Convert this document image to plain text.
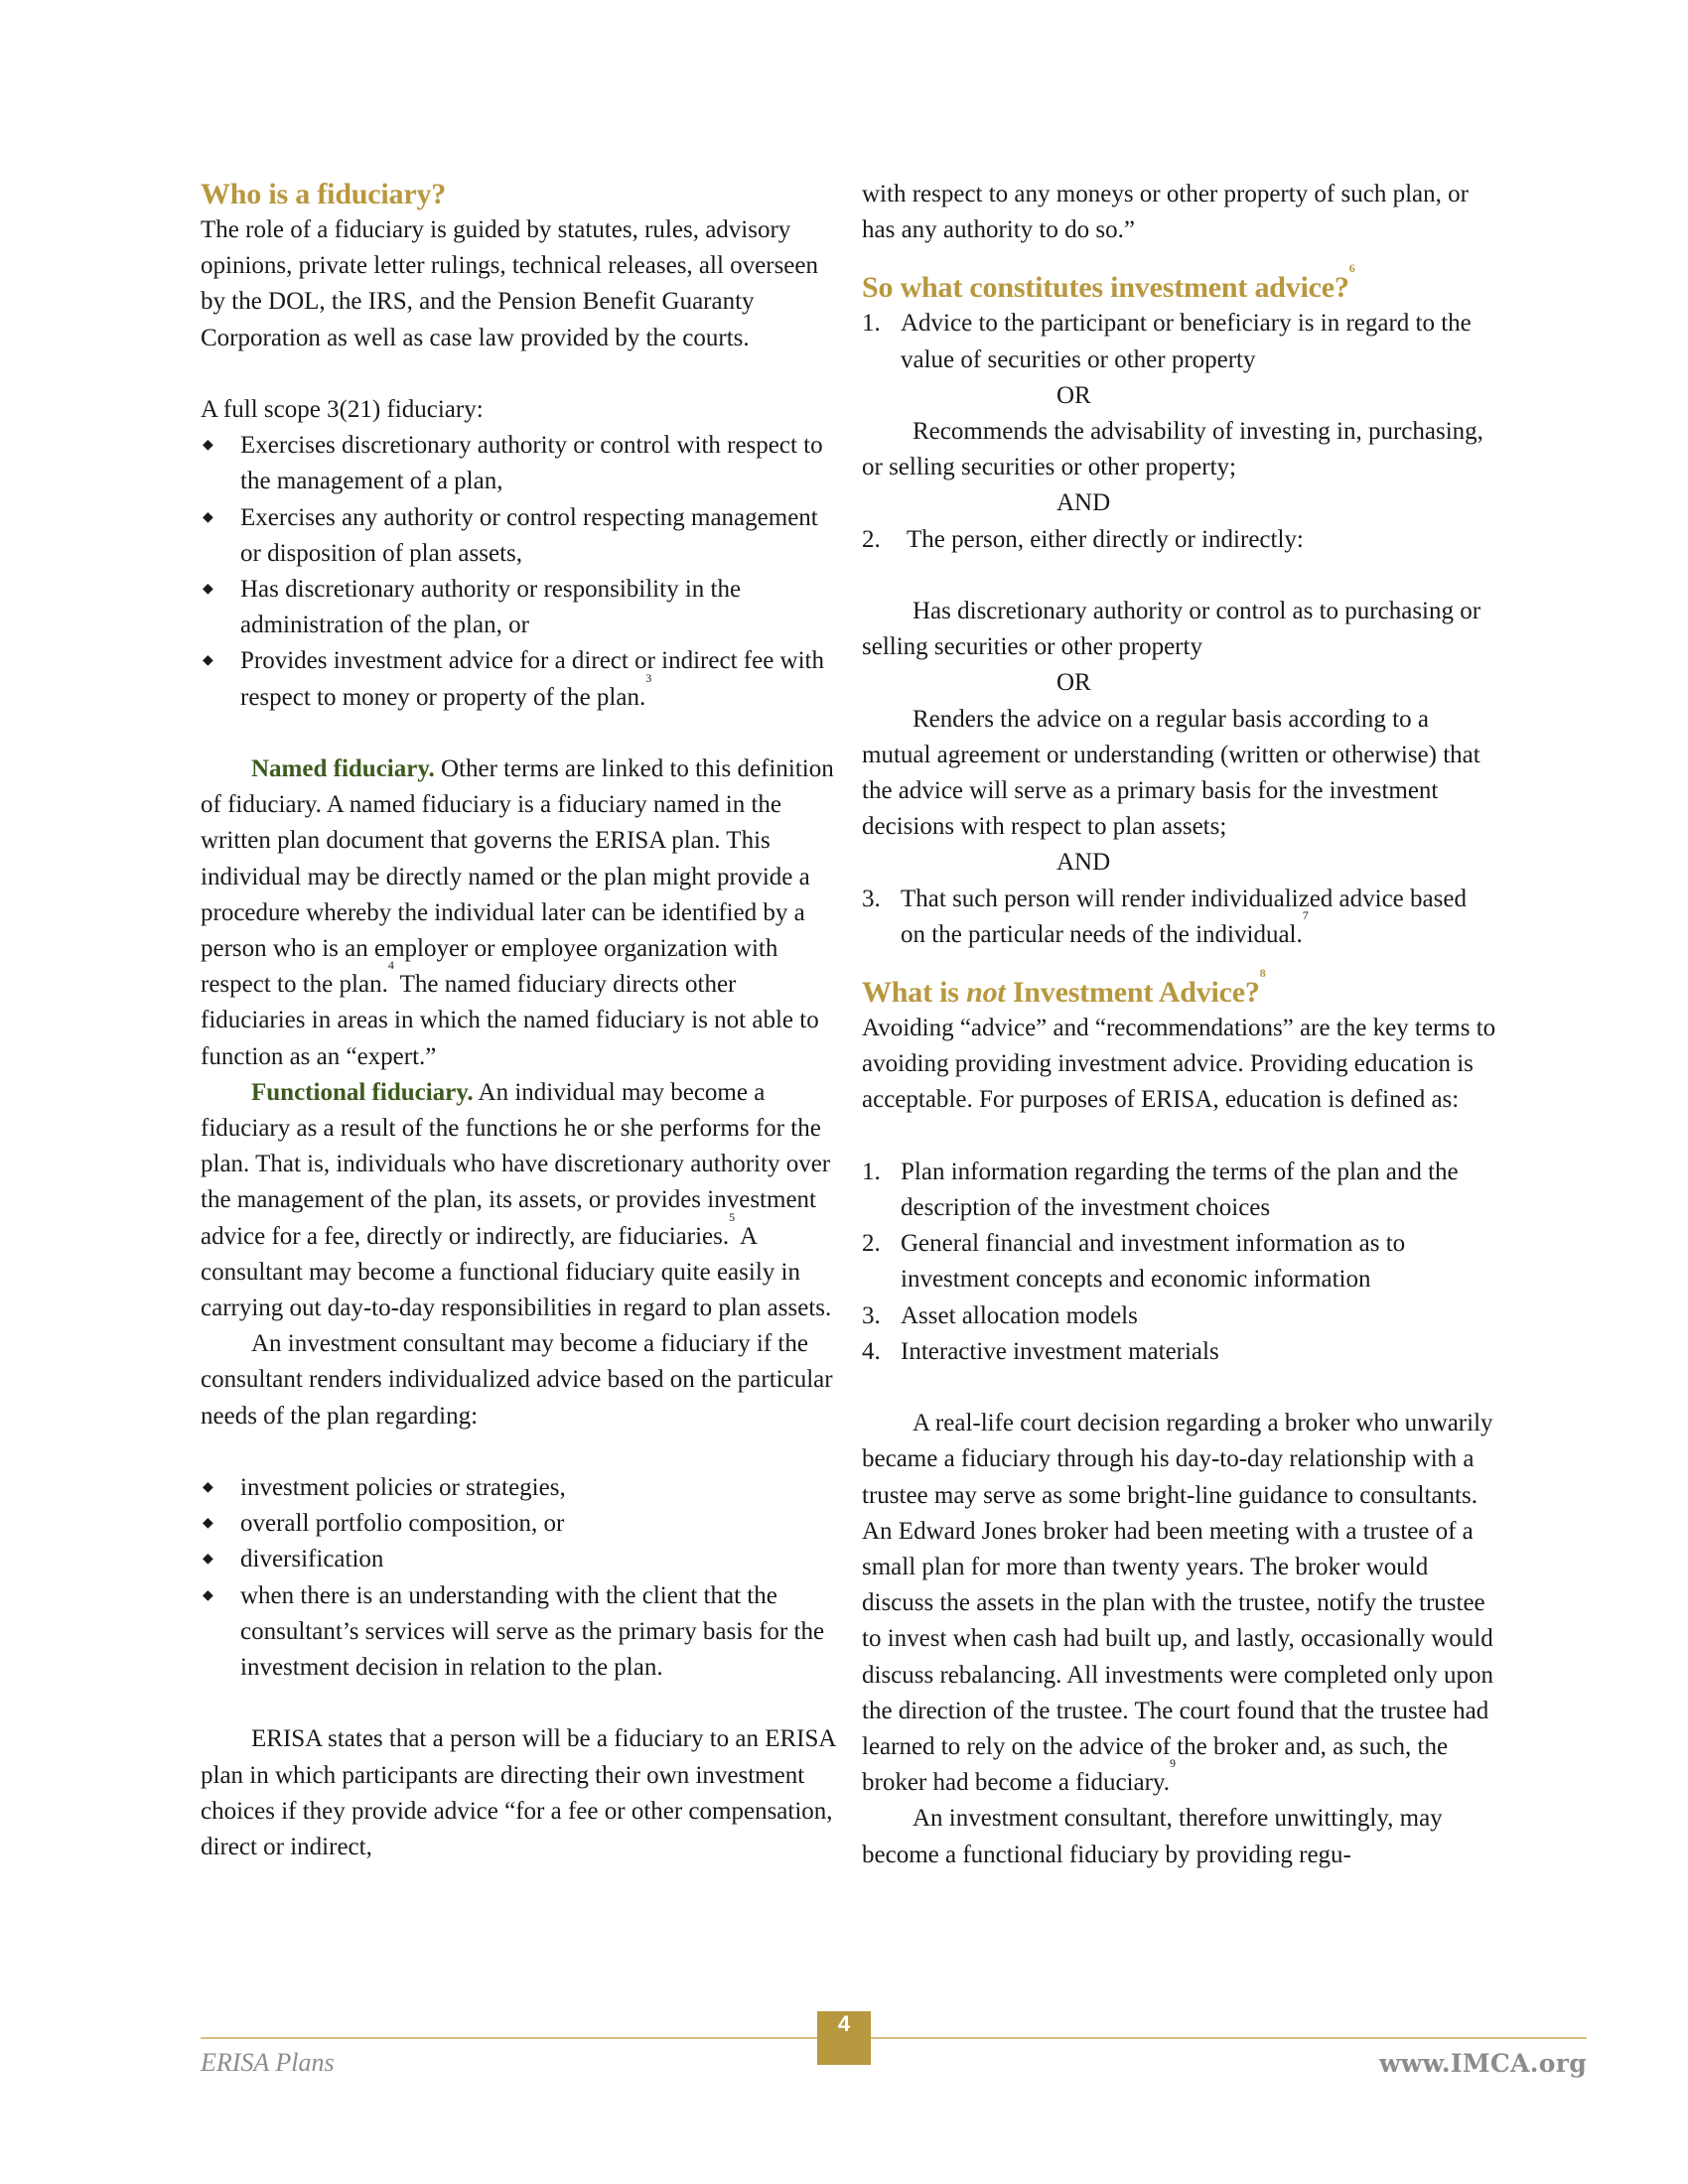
Who is a fiduciary?

The role of a fiduciary is guided by statutes, rules, advisory opinions, private letter rulings, technical releases, all overseen by the DOL, the IRS, and the Pension Benefit Guaranty Corporation as well as case law provided by the courts.

A full scope 3(21) fiduciary:

◆ Exercises discretionary authority or control with respect to the management of a plan,
◆ Exercises any authority or control respecting management or disposition of plan assets,
◆ Has discretionary authority or responsibility in the administration of the plan, or
◆ Provides investment advice for a direct or indirect fee with respect to money or property of the plan.$^3$

Named fiduciary. Other terms are linked to this definition of fiduciary. A named fiduciary is a fiduciary named in the written plan document that governs the ERISA plan. This individual may be directly named or the plan might provide a procedure whereby the individual later can be identified by a person who is an employer or employee organization with respect to the plan.$^4$ The named fiduciary directs other fiduciaries in areas in which the named fiduciary is not able to function as an “expert.”

Functional fiduciary. An individual may become a fiduciary as a result of the functions he or she performs for the plan. That is, individuals who have discretionary authority over the management of the plan, its assets, or provides investment advice for a fee, directly or indirectly, are fiduciaries.$^5$ A consultant may become a functional fiduciary quite easily in carrying out day-to-day responsibilities in regard to plan assets.

An investment consultant may become a fiduciary if the consultant renders individualized advice based on the particular needs of the plan regarding:

◆ investment policies or strategies,
◆ overall portfolio composition, or
◆ diversification
◆ when there is an understanding with the client that the consultant’s services will serve as the primary basis for the investment decision in relation to the plan.

ERISA states that a person will be a fiduciary to an ERISA plan in which participants are directing their own investment choices if they provide advice “for a fee or other compensation, direct or indirect,

with respect to any moneys or other property of such plan, or has any authority to do so.”

So what constitutes investment advice?$^6$
1. Advice to the participant or beneficiary is in regard to the value of securities or other property

OR

Recommends the advisability of investing in, purchasing, or selling securities or other property;

AND

2. The person, either directly or indirectly:

Has discretionary authority or control as to purchasing or selling securities or other property

OR

Renders the advice on a regular basis according to a mutual agreement or understanding (written or otherwise) that the advice will serve as a primary basis for the investment decisions with respect to plan assets;

AND

3. That such person will render individualized advice based on the particular needs of the individual.$^7$
What is not Investment Advice?$^8$

Avoiding “advice” and “recommendations” are the key terms to avoiding providing investment advice. Providing education is acceptable. For purposes of ERISA, education is defined as:

1. Plan information regarding the terms of the plan and the description of the investment choices
2. General financial and investment information as to investment concepts and economic information
3. Asset allocation models
4. Interactive investment materials

A real-life court decision regarding a broker who unwarily became a fiduciary through his day-to-day relationship with a trustee may serve as some bright-line guidance to consultants. An Edward Jones broker had been meeting with a trustee of a small plan for more than twenty years. The broker would discuss the assets in the plan with the trustee, notify the trustee to invest when cash had built up, and lastly, occasionally would discuss rebalancing. All investments were completed only upon the direction of the trustee. The court found that the trustee had learned to rely on the advice of the broker and, as such, the broker had become a fiduciary.$^9$

An investment consultant, therefore unwittingly, may become a functional fiduciary by providing regu-

4
ERISA Plans	www.IMCA.org
